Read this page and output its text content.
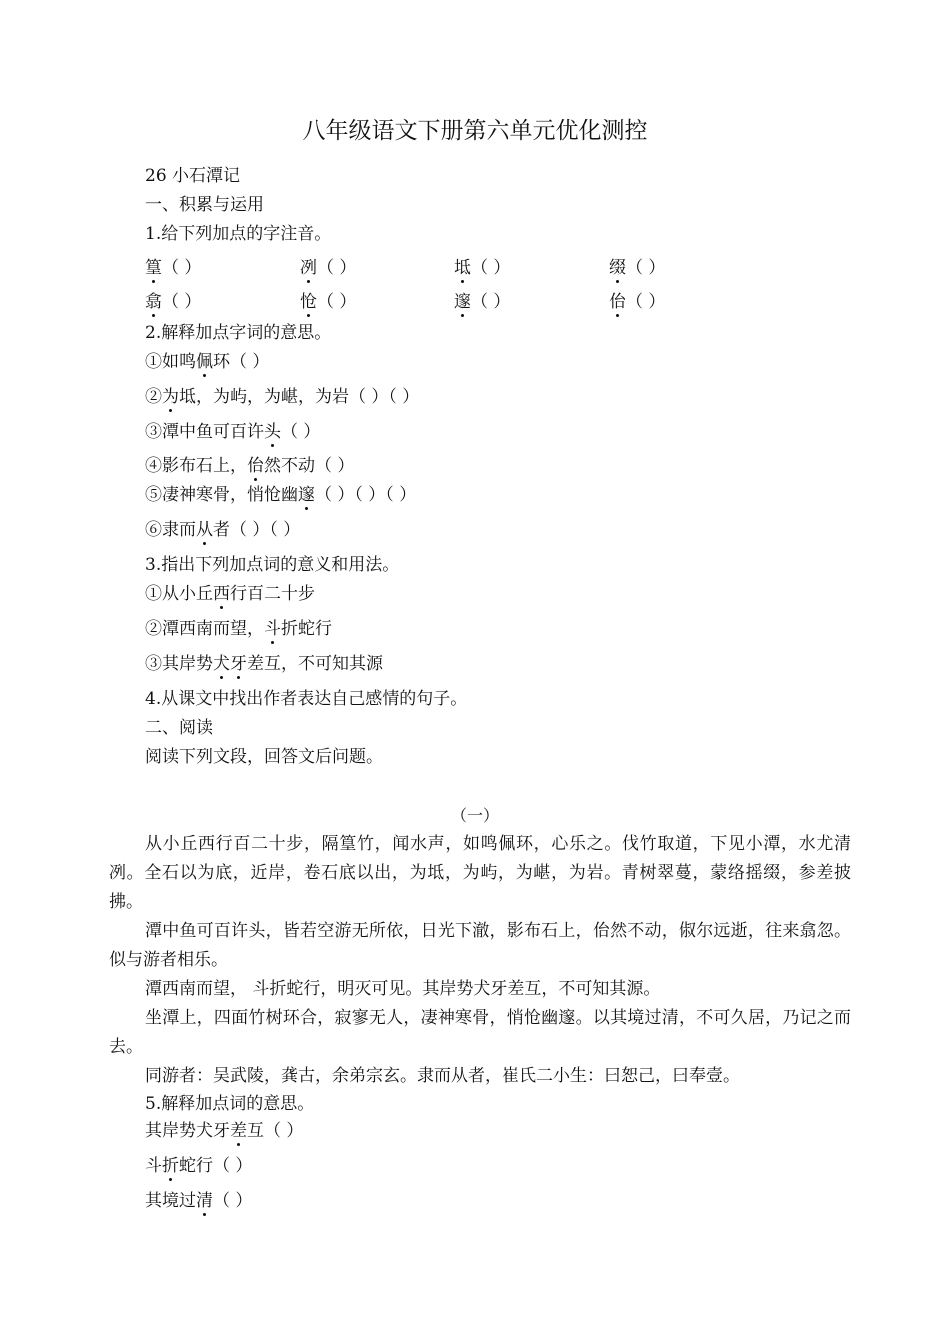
八年级语文下册第六单元优化测控
26 小石潭记
一、积累与运用
1.给下列加点的字注音。
篁（ ）	冽（ ）	坻（ ）	缀（ ）
翕（ ）	怆（ ）	邃（ ）	佁（ ）
2.解释加点字词的意思。
①如鸣佩环（ ）
②为坻，为屿，为嵁，为岩（ ）（ ）
③潭中鱼可百许头（ ）
④影布石上，佁然不动（ ）
⑤凄神寒骨，悄怆幽邃（ ）（ ）（ ）
⑥隶而从者（ ）（ ）
3.指出下列加点词的意义和用法。
①从小丘西行百二十步
②潭西南而望，斗折蛇行
③其岸势犬牙差互，不可知其源
4.从课文中找出作者表达自己感情的句子。
二、阅读
阅读下列文段，回答文后问题。
（一）
从小丘西行百二十步，隔篁竹，闻水声，如鸣佩环，心乐之。伐竹取道，下见小潭，水尤清冽。全石以为底，近岸，卷石底以出，为坻，为屿，为嵁，为岩。青树翠蔓，蒙络摇缀，参差披拂。
潭中鱼可百许头，皆若空游无所依，日光下澈，影布石上，佁然不动，俶尔远逝，往来翕忽。似与游者相乐。
潭西南而望， 斗折蛇行，明灭可见。其岸势犬牙差互，不可知其源。
坐潭上，四面竹树环合，寂寥无人，凄神寒骨，悄怆幽邃。以其境过清，不可久居，乃记之而去。
同游者：吴武陵，龚古，余弟宗玄。隶而从者，崔氏二小生：曰恕己，曰奉壹。
5.解释加点词的意思。
其岸势犬牙差互（ ）
斗折蛇行（ ）
其境过清（ ）
